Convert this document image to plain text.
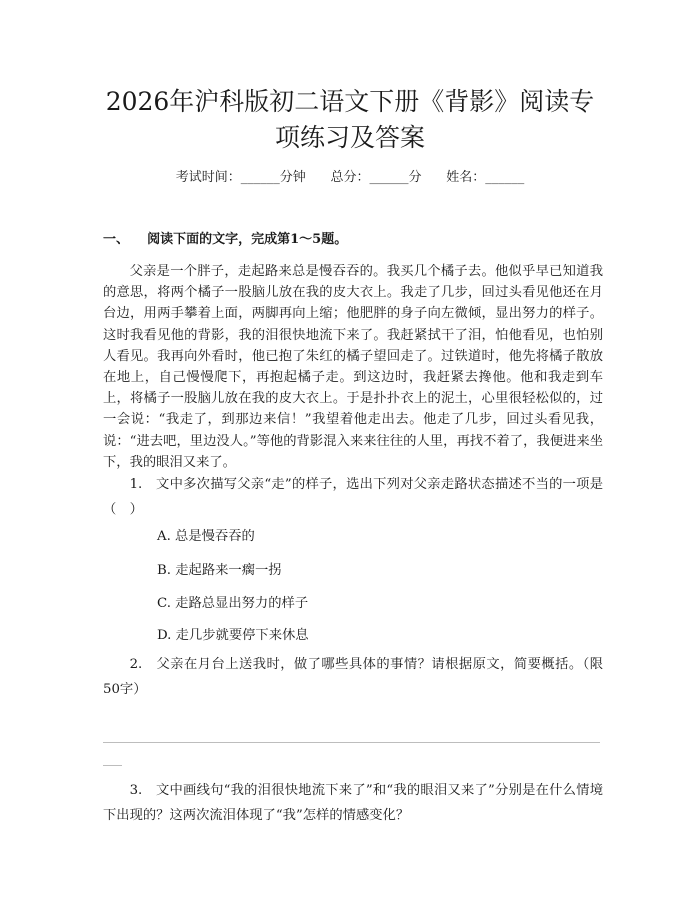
2026年沪科版初二语文下册《背影》阅读专
项练习及答案
考试时间：______分钟      总分：______分      姓名：______
一、 阅读下面的文字，完成第1～5题。

父亲是一个胖子，走起路来总是慢吞吞的。我买几个橘子去。他似乎早已知道我的意思，将两个橘子一股脑儿放在我的皮大衣上。我走了几步，回过头看见他还在月台边，用两手攀着上面，两脚再向上缩；他肥胖的身子向左微倾，显出努力的样子。这时我看见他的背影，我的泪很快地流下来了。我赶紧拭干了泪，怕他看见，也怕别人看见。我再向外看时，他已抱了朱红的橘子望回走了。过铁道时，他先将橘子散放在地上，自己慢慢爬下，再抱起橘子走。到这边时，我赶紧去搀他。他和我走到车上，将橘子一股脑儿放在我的皮大衣上。于是扑扑衣上的泥土，心里很轻松似的，过一会说：“我走了，到那边来信！”我望着他走出去。他走了几步，回过头看见我，说：“进去吧，里边没人。”等他的背影混入来来往往的人里，再找不着了，我便进来坐下，我的眼泪又来了。

1.　文中多次描写父亲“走”的样子，选出下列对父亲走路状态描述不当的一项是（　）

A. 总是慢吞吞的
B. 走起路来一瘸一拐
C. 走路总显出努力的样子
D. 走几步就要停下来休息

2.　父亲在月台上送我时，做了哪些具体的事情？请根据原文，简要概括。（限50字）

3.　文中画线句“我的泪很快地流下来了”和“我的眼泪又来了”分别是在什么情境下出现的？这两次流泪体现了“我”怎样的情感变化？
